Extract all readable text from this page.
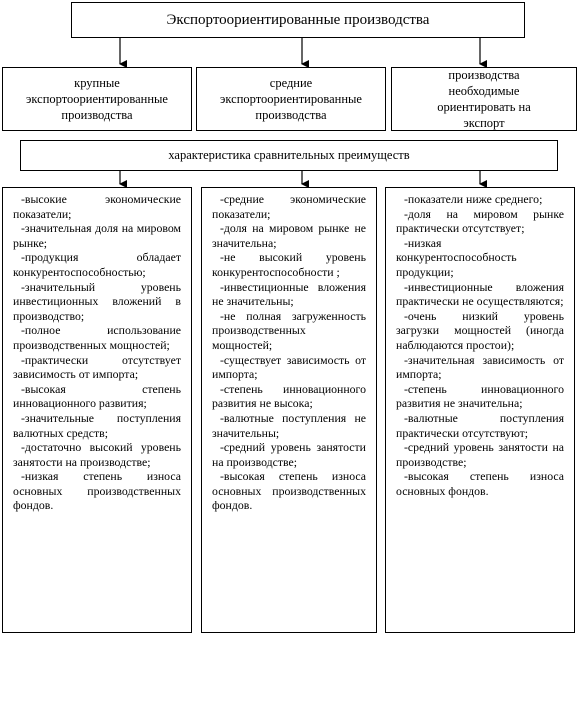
Экспортоориентированные производства
крупные экспортоориентированные производства
средние экспортоориентированные производства
производства необходимые ориентировать на экспорт
характеристика сравнительных преимуществ
-высокие экономические показатели;
-значительная доля на мировом рынке;
-продукция обладает конкурентоспособностью;
-значительный уровень инвестиционных вложений в производство;
-полное использование производственных мощностей;
-практически отсутствует зависимость от импорта;
-высокая степень инновационного развития;
-значительные поступления валютных средств;
-достаточно высокий уровень занятости на производстве;
-низкая степень износа основных производственных фондов.
-средние экономические показатели;
-доля на мировом рынке не значительна;
-не высокий уровень конкурентоспособности ;
-инвестиционные вложения не значительны;
-не полная загруженность производственных мощностей;
-существует зависимость от импорта;
-степень инновационного развития не высока;
-валютные поступления не значительны;
-средний уровень занятости на производстве;
-высокая степень износа основных производственных фондов.
-показатели ниже среднего;
-доля на мировом рынке практически отсутствует;
-низкая конкурентоспособность продукции;
-инвестиционные вложения практически не осуществляются;
-очень низкий уровень загрузки мощностей (иногда наблюдаются простои);
-значительная зависимость от импорта;
-степень инновационного развития не значительна;
-валютные поступления практически отсутствуют;
-средний уровень занятости на производстве;
-высокая степень износа основных фондов.
